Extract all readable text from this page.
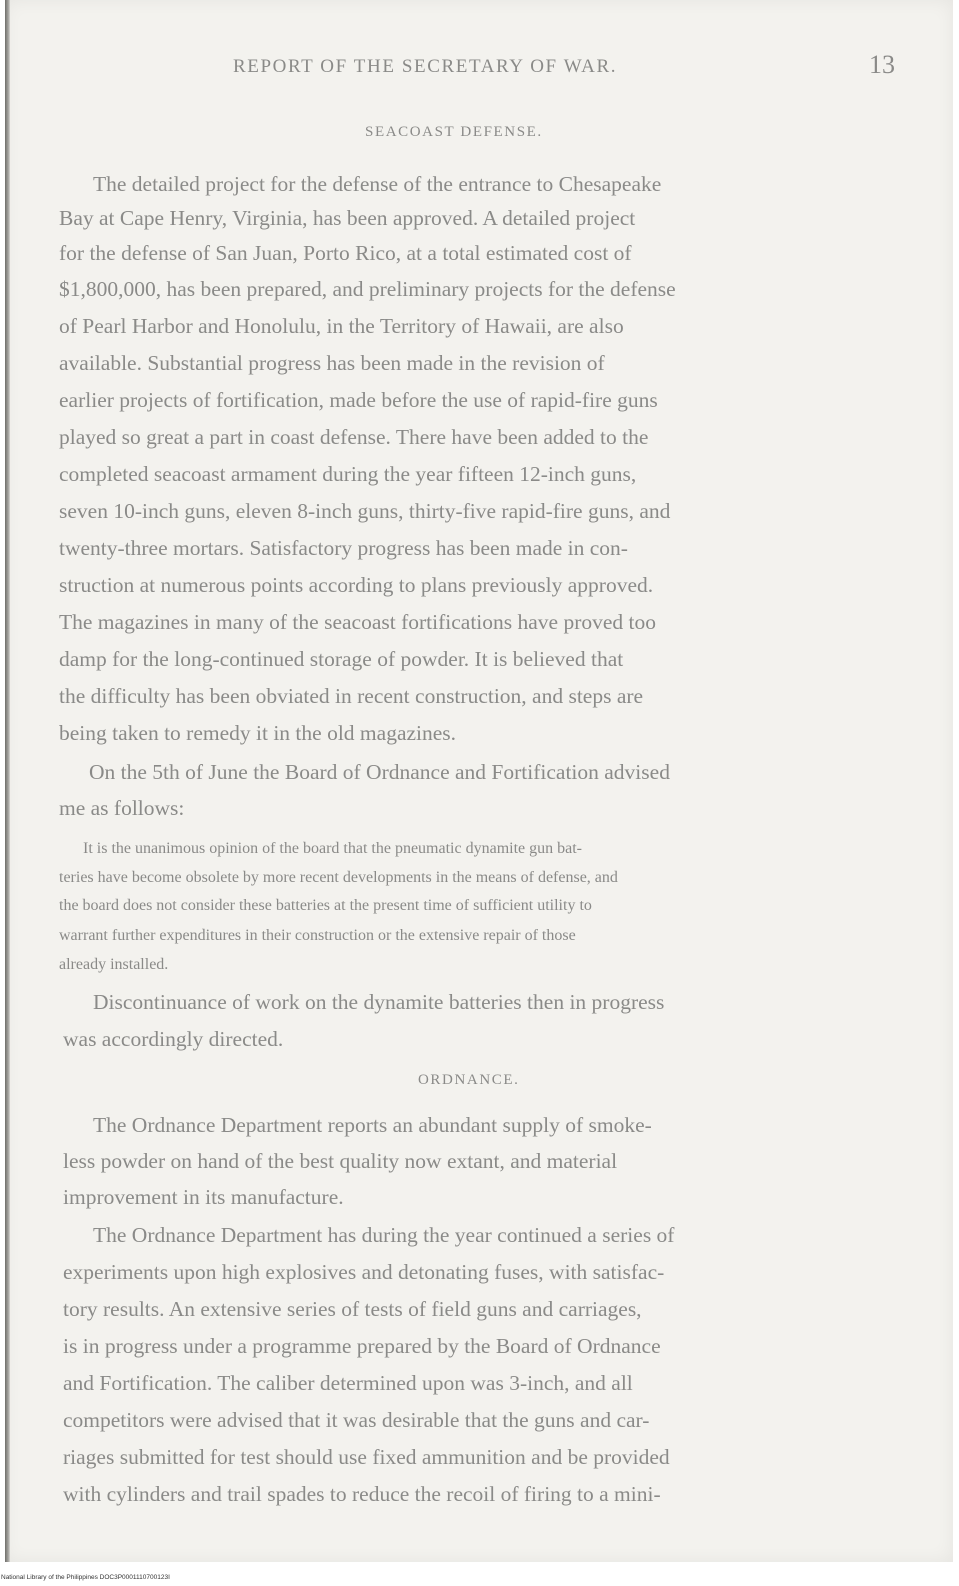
REPORT OF THE SECRETARY OF WAR.	13
SEACOAST DEFENSE.
The detailed project for the defense of the entrance to Chesapeake
Bay at Cape Henry, Virginia, has been approved. A detailed project
for the defense of San Juan, Porto Rico, at a total estimated cost of
$1,800,000, has been prepared, and preliminary projects for the defense
of Pearl Harbor and Honolulu, in the Territory of Hawaii, are also
available. Substantial progress has been made in the revision of
earlier projects of fortification, made before the use of rapid-fire guns
played so great a part in coast defense. There have been added to the
completed seacoast armament during the year fifteen 12-inch guns,
seven 10-inch guns, eleven 8-inch guns, thirty-five rapid-fire guns, and
twenty-three mortars. Satisfactory progress has been made in con-
struction at numerous points according to plans previously approved.
The magazines in many of the seacoast fortifications have proved too
damp for the long-continued storage of powder. It is believed that
the difficulty has been obviated in recent construction, and steps are
being taken to remedy it in the old magazines.
On the 5th of June the Board of Ordnance and Fortification advised
me as follows:
It is the unanimous opinion of the board that the pneumatic dynamite gun bat-
teries have become obsolete by more recent developments in the means of defense, and
the board does not consider these batteries at the present time of sufficient utility to
warrant further expenditures in their construction or the extensive repair of those
already installed.
Discontinuance of work on the dynamite batteries then in progress
was accordingly directed.
ORDNANCE.
The Ordnance Department reports an abundant supply of smoke-
less powder on hand of the best quality now extant, and material
improvement in its manufacture.
The Ordnance Department has during the year continued a series of
experiments upon high explosives and detonating fuses, with satisfac-
tory results. An extensive series of tests of field guns and carriages,
is in progress under a programme prepared by the Board of Ordnance
and Fortification. The caliber determined upon was 3-inch, and all
competitors were advised that it was desirable that the guns and car-
riages submitted for test should use fixed ammunition and be provided
with cylinders and trail spades to reduce the recoil of firing to a mini-
National Library of the Philippines DOC3P0001110700123I
